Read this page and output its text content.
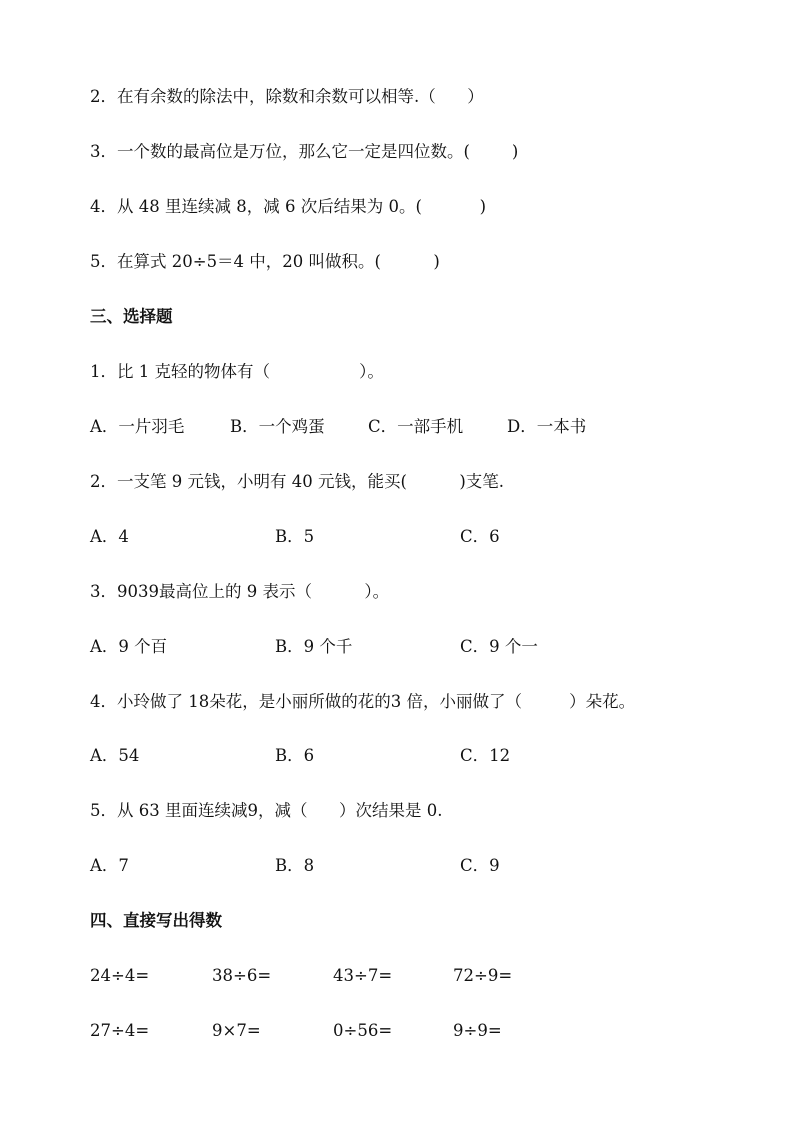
2．在有余数的除法中，除数和余数可以相等.（      ）
3．一个数的最高位是万位，那么它一定是四位数。(        )
4．从 48 里连续减 8，减 6 次后结果为 0。(           )
5．在算式 20÷5＝4 中，20 叫做积。(          )
三、选择题
1．比 1 克轻的物体有（                 ）。
A．一片羽毛	B．一个鸡蛋	C．一部手机	D．一本书
2．一支笔 9 元钱，小明有 40 元钱，能买(          )支笔.
A．4	B．5	C．6
3．9039最高位上的 9 表示（          ）。
A．9 个百	B．9 个千	C．9 个一
4．小玲做了 18朵花，是小丽所做的花的3 倍，小丽做了（         ）朵花。
A．54	B．6	C．12
5．从 63 里面连续减9，减（      ）次结果是 0.
A．7	B．8	C．9
四、直接写出得数
24÷4=	38÷6=	43÷7=	72÷9=
27÷4=	9×7=	0÷56=	9÷9=
